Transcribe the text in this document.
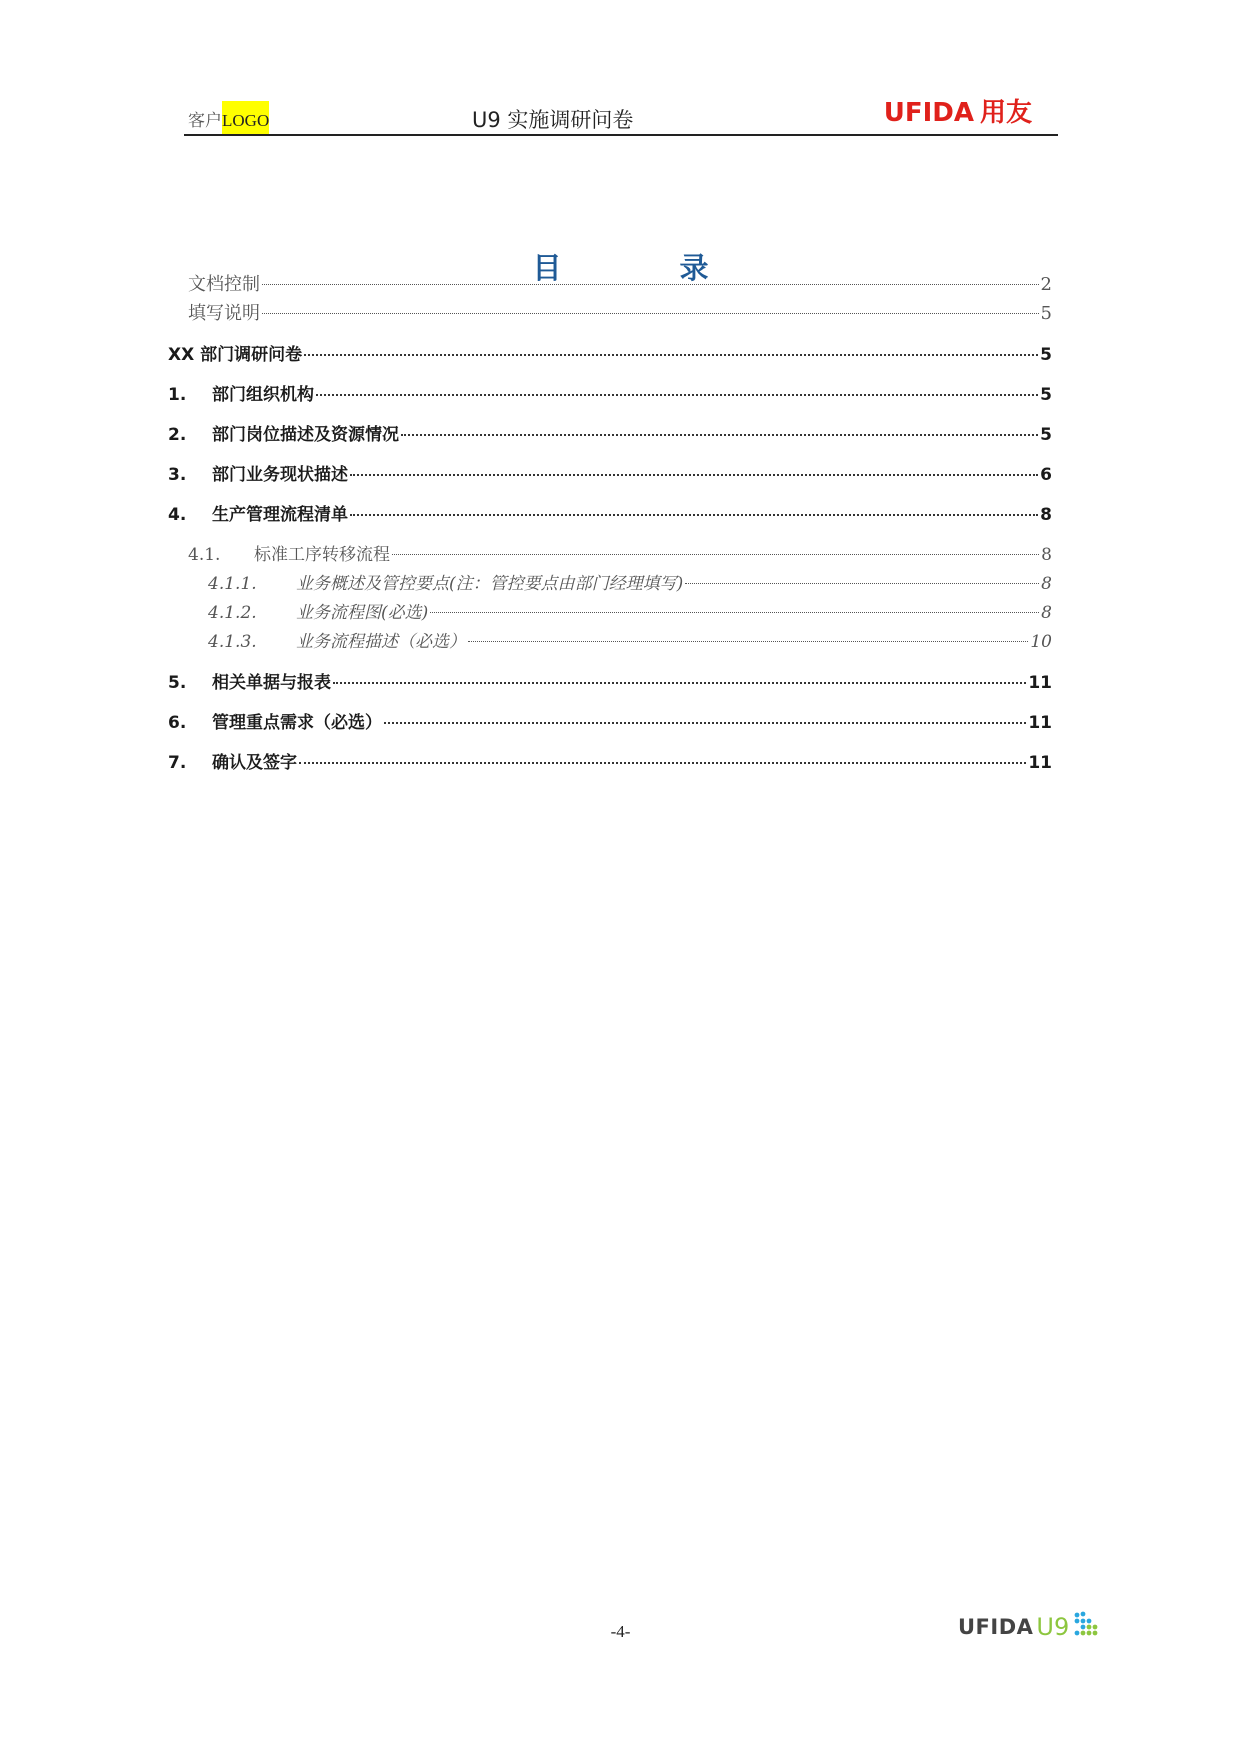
客户LOGO	U9 实施调研问卷	UFIDA 用友
目	录
文档控制	2
填写说明	5
XX 部门调研问卷	5
1.	部门组织机构	5
2.	部门岗位描述及资源情况	5
3.	部门业务现状描述	6
4.	生产管理流程清单	8
4.1.	标准工序转移流程	8
4.1.1.	业务概述及管控要点(注：管控要点由部门经理填写)	8
4.1.2.	业务流程图(必选)	8
4.1.3.	业务流程描述（必选）	10
5.	相关单据与报表	11
6.	管理重点需求（必选）	11
7.	确认及签字	11
-4-	UFIDA U9
